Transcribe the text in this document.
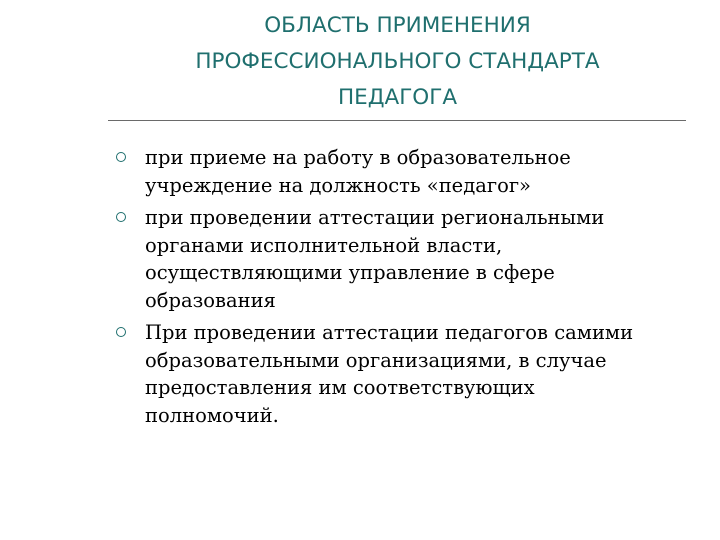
ОБЛАСТЬ ПРИМЕНЕНИЯ
ПРОФЕССИОНАЛЬНОГО СТАНДАРТА
ПЕДАГОГА
при приеме на работу в образовательное
учреждение на должность «педагог»
при проведении аттестации региональными
органами исполнительной власти,
осуществляющими управление в сфере
образования
При проведении аттестации педагогов самими
образовательными организациями, в случае
предоставления им соответствующих
полномочий.
